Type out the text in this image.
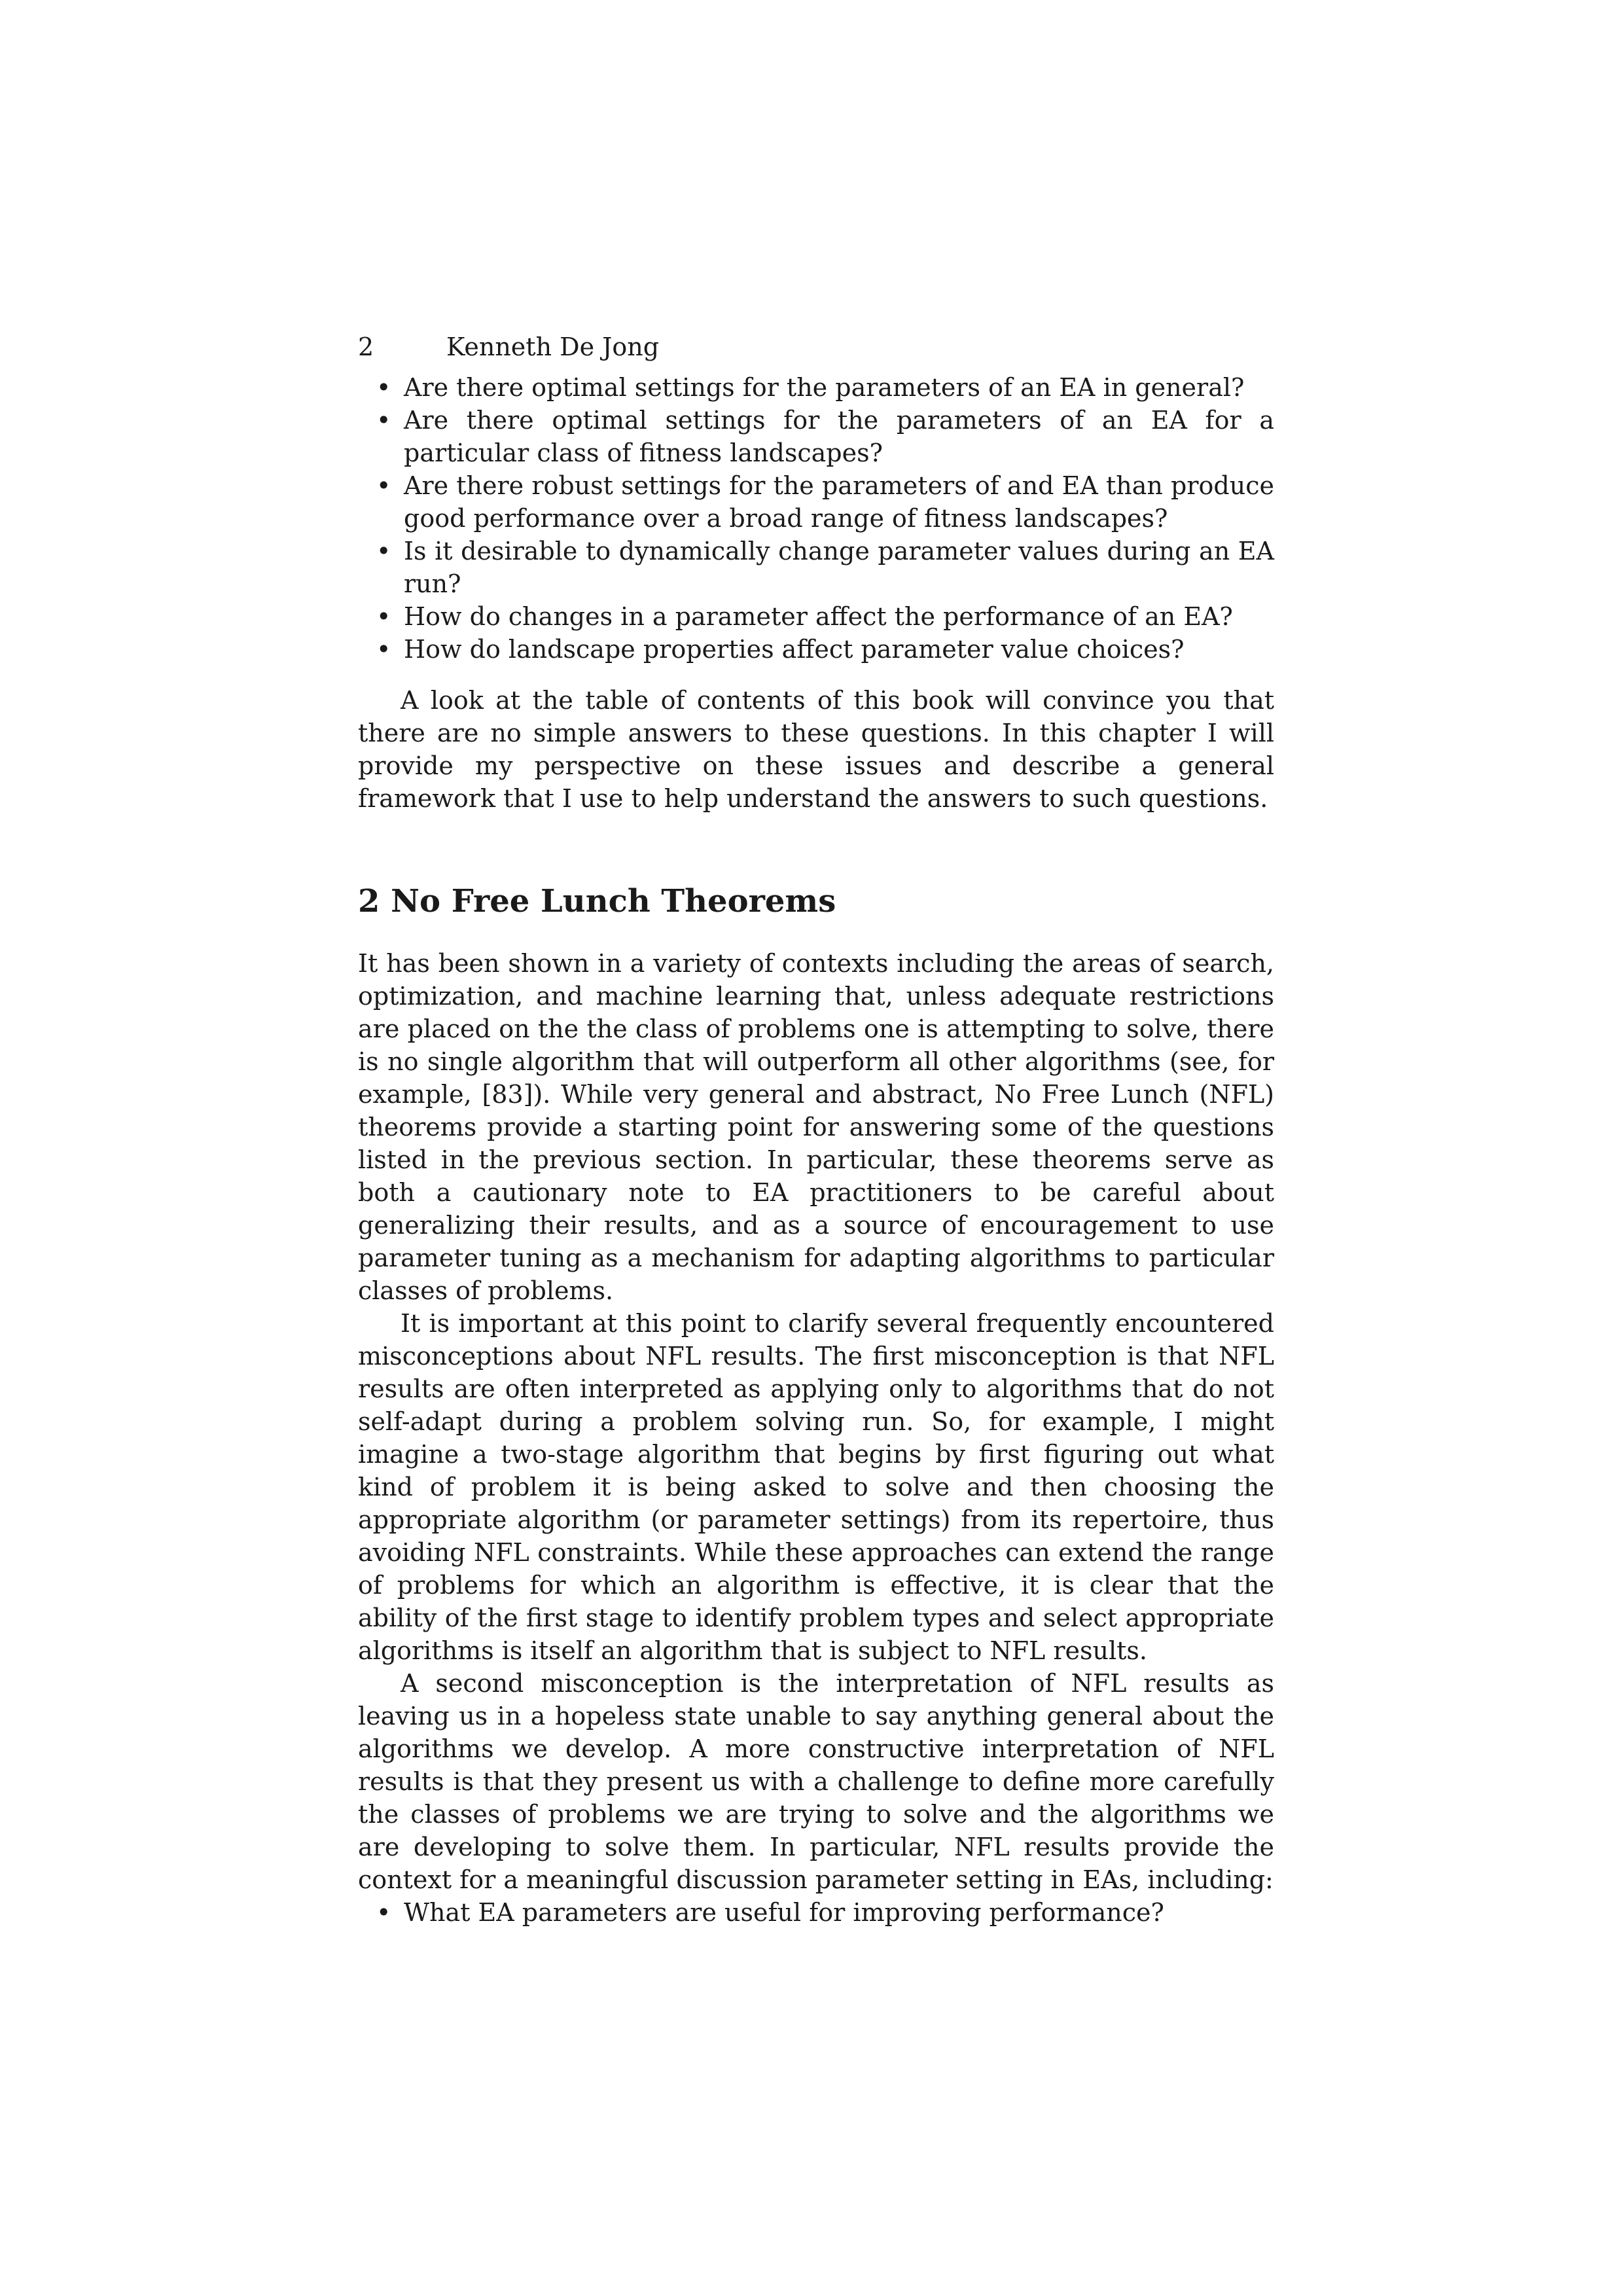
2	Kenneth De Jong
• Are there optimal settings for the parameters of an EA in general?
• Are there optimal settings for the parameters of an EA for a particular class of fitness landscapes?
• Are there robust settings for the parameters of and EA than produce good performance over a broad range of fitness landscapes?
• Is it desirable to dynamically change parameter values during an EA run?
• How do changes in a parameter affect the performance of an EA?
• How do landscape properties affect parameter value choices?

A look at the table of contents of this book will convince you that there are no simple answers to these questions. In this chapter I will provide my perspective on these issues and describe a general framework that I use to help understand the answers to such questions.

2 No Free Lunch Theorems

It has been shown in a variety of contexts including the areas of search, optimization, and machine learning that, unless adequate restrictions are placed on the the class of problems one is attempting to solve, there is no single algorithm that will outperform all other algorithms (see, for example, [83]). While very general and abstract, No Free Lunch (NFL) theorems provide a starting point for answering some of the questions listed in the previous section. In particular, these theorems serve as both a cautionary note to EA practitioners to be careful about generalizing their results, and as a source of encouragement to use parameter tuning as a mechanism for adapting algorithms to particular classes of problems.

It is important at this point to clarify several frequently encountered misconceptions about NFL results. The first misconception is that NFL results are often interpreted as applying only to algorithms that do not self-adapt during a problem solving run. So, for example, I might imagine a two-stage algorithm that begins by first figuring out what kind of problem it is being asked to solve and then choosing the appropriate algorithm (or parameter settings) from its repertoire, thus avoiding NFL constraints. While these approaches can extend the range of problems for which an algorithm is effective, it is clear that the ability of the first stage to identify problem types and select appropriate algorithms is itself an algorithm that is subject to NFL results.

A second misconception is the interpretation of NFL results as leaving us in a hopeless state unable to say anything general about the algorithms we develop. A more constructive interpretation of NFL results is that they present us with a challenge to define more carefully the classes of problems we are trying to solve and the algorithms we are developing to solve them. In particular, NFL results provide the context for a meaningful discussion parameter setting in EAs, including:

• What EA parameters are useful for improving performance?
